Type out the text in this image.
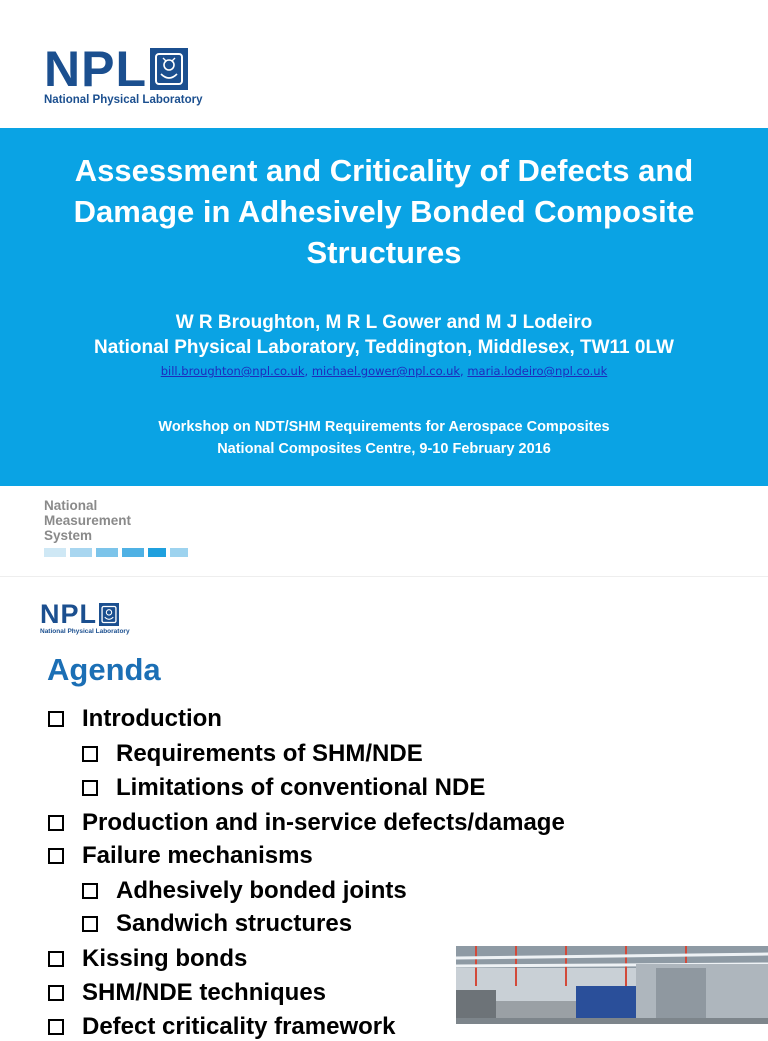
NPL
National Physical Laboratory
Assessment and Criticality of Defects and Damage in Adhesively Bonded Composite Structures
W R Broughton, M R L Gower and M J Lodeiro
National Physical Laboratory, Teddington, Middlesex, TW11 0LW
bill.broughton@npl.co.uk, michael.gower@npl.co.uk, maria.lodeiro@npl.co.uk
Workshop on NDT/SHM Requirements for Aerospace Composites
National Composites Centre, 9-10 February 2016
National
Measurement
System
NPL
National Physical Laboratory
Agenda
Introduction
Requirements of SHM/NDE
Limitations of conventional NDE
Production and in-service defects/damage
Failure mechanisms
Adhesively bonded joints
Sandwich structures
Kissing bonds
SHM/NDE techniques
Defect criticality framework
